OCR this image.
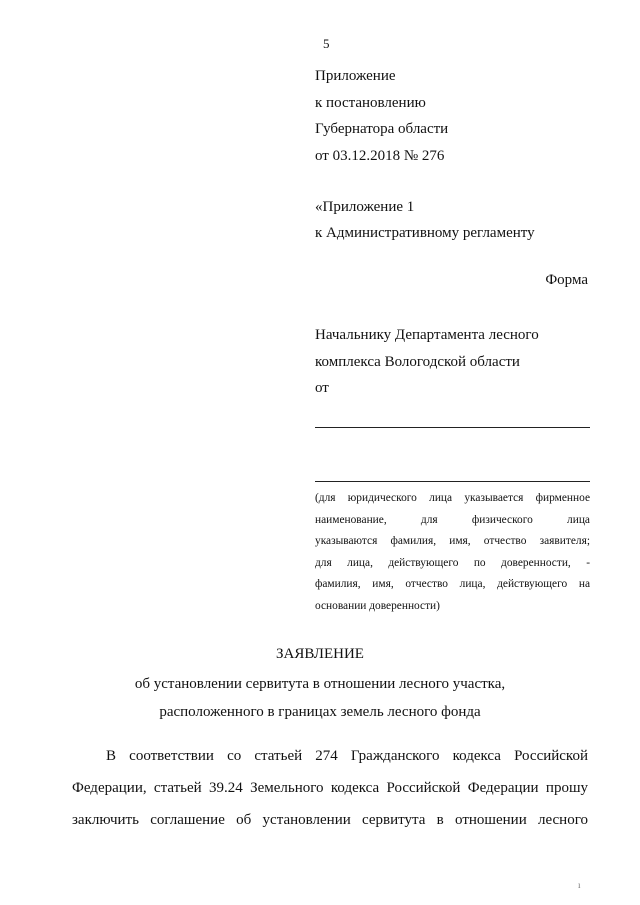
5
Приложение
к постановлению
Губернатора области
от 03.12.2018 № 276
«Приложение 1
к Административному регламенту
Форма
Начальнику Департамента лесного
комплекса Вологодской области
от
(для юридического лица указывается фирменное
наименование, для физического лица
указываются фамилия, имя, отчество заявителя;
для лица, действующего по доверенности, -
фамилия, имя, отчество лица, действующего на
основании доверенности)
ЗАЯВЛЕНИЕ
об установлении сервитута в отношении лесного участка,
расположенного в границах земель лесного фонда
В соответствии со статьей 274 Гражданского кодекса Российской
Федерации, статьей 39.24 Земельного кодекса Российской Федерации прошу
заключить соглашение об установлении сервитута в отношении лесного
ı
